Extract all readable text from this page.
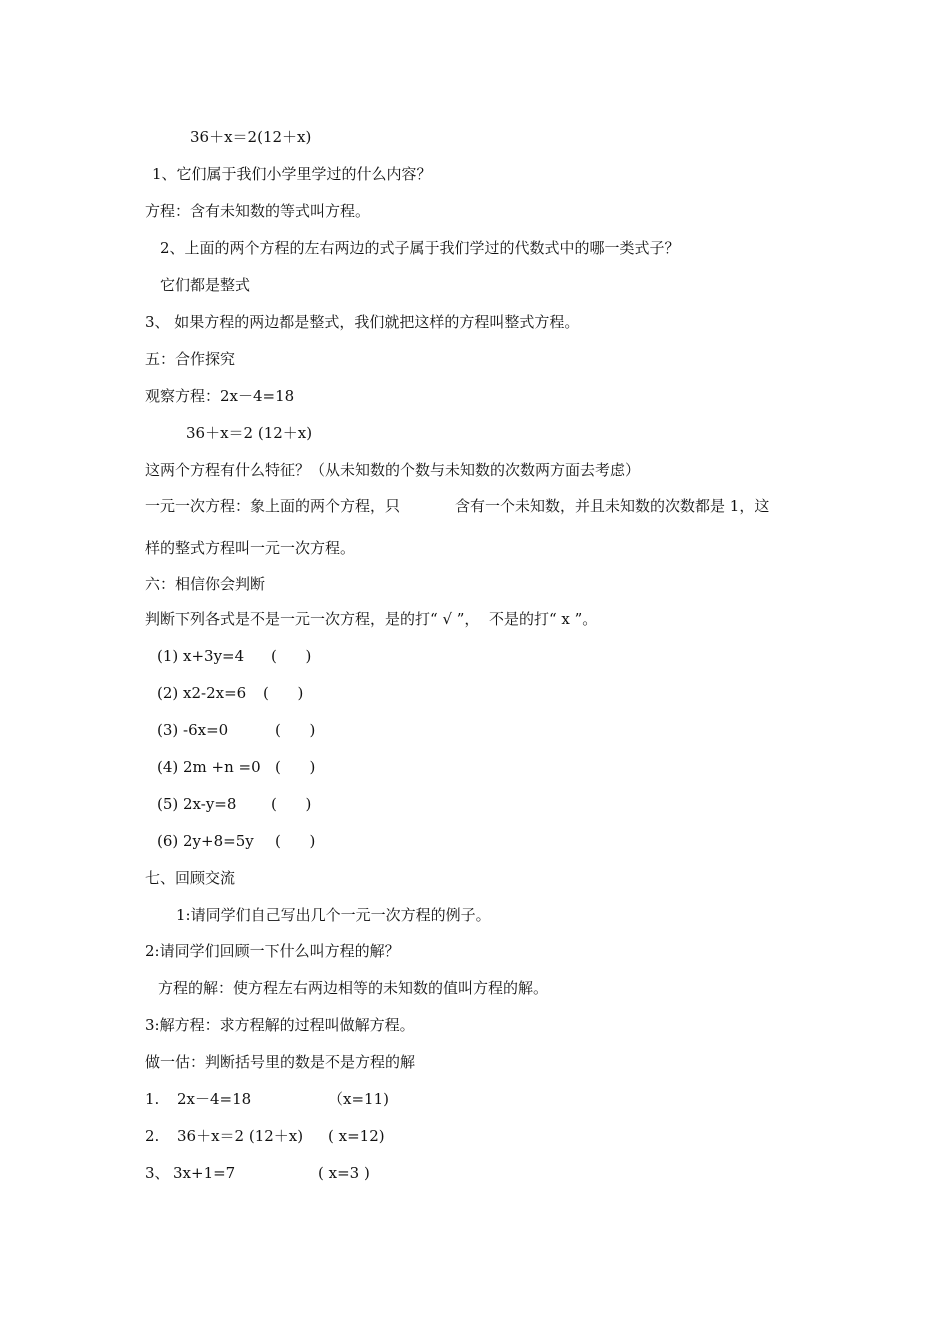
36＋x＝2(12＋x)
1、它们属于我们小学里学过的什么内容？
方程：含有未知数的等式叫方程。
2、上面的两个方程的左右两边的式子属于我们学过的代数式中的哪一类式子？
它们都是整式
3、 如果方程的两边都是整式，我们就把这样的方程叫整式方程。
五：合作探究
观察方程：2x－4=18
36＋x＝2 (12＋x)
这两个方程有什么特征？（从未知数的个数与未知数的次数两方面去考虑）
一元一次方程：象上面的两个方程，只	含有一个未知数，并且未知数的次数都是 1，这
样的整式方程叫一元一次方程。
六：相信你会判断
判断下列各式是不是一元一次方程，是的打“ √ ”，  不是的打“ x ”。
(1) x+3y=4 (      )
(2) x2-2x=6 (      )
(3) -6x=0	(      )
(4) 2m +n =0 (      )
(5) 2x-y=8 (      )
(6) 2y+8=5y (      )
七、回顾交流
1:请同学们自己写出几个一元一次方程的例子。
2:请同学们回顾一下什么叫方程的解？
方程的解：使方程左右两边相等的未知数的值叫方程的解。
3:解方程：求方程解的过程叫做解方程。
做一估：判断括号里的数是不是方程的解
1. 2x－4=18	（x=11)
2. 36＋x＝2 (12＋x) ( x=12)
3、 3x+1=7	( x=3 )
